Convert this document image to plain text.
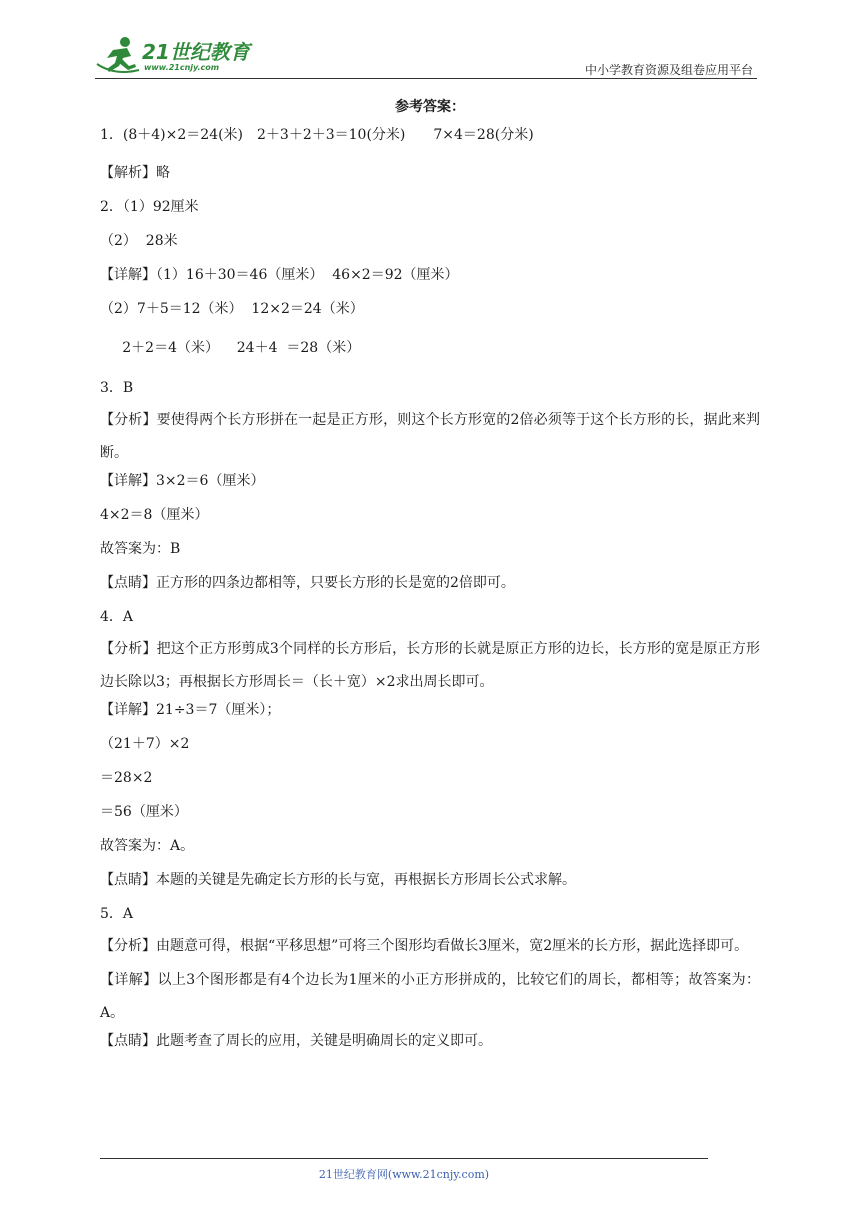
21世纪教育
www.21cnjy.com	中小学教育资源及组卷应用平台

参考答案：

1．(8＋4)×2＝24(米)　2＋3＋2＋3＝10(分米)　　7×4＝28(分米)

【解析】略

2．（1）92厘米

（2）  28米

【详解】（1）16＋30＝46（厘米）  46×2＝92（厘米）

（2）7＋5＝12（米）  12×2＝24（米）

2＋2＝4（米）    24＋4  ＝28（米）

3．B

【分析】要使得两个长方形拼在一起是正方形，则这个长方形宽的2倍必须等于这个长方形的长，据此来判断。

【详解】3×2＝6（厘米）

4×2＝8（厘米）

故答案为：B

【点睛】正方形的四条边都相等，只要长方形的长是宽的2倍即可。

4．A

【分析】把这个正方形剪成3个同样的长方形后，长方形的长就是原正方形的边长，长方形的宽是原正方形边长除以3；再根据长方形周长＝（长＋宽）×2求出周长即可。

【详解】21÷3＝7（厘米）；

（21＋7）×2

＝28×2

＝56（厘米）

故答案为：A。

【点睛】本题的关键是先确定长方形的长与宽，再根据长方形周长公式求解。

5．A

【分析】由题意可得，根据“平移思想”可将三个图形均看做长3厘米，宽2厘米的长方形，据此选择即可。

【详解】以上3个图形都是有4个边长为1厘米的小正方形拼成的，比较它们的周长，都相等；故答案为：A。

【点睛】此题考查了周长的应用，关键是明确周长的定义即可。

21世纪教育网(www.21cnjy.com)
